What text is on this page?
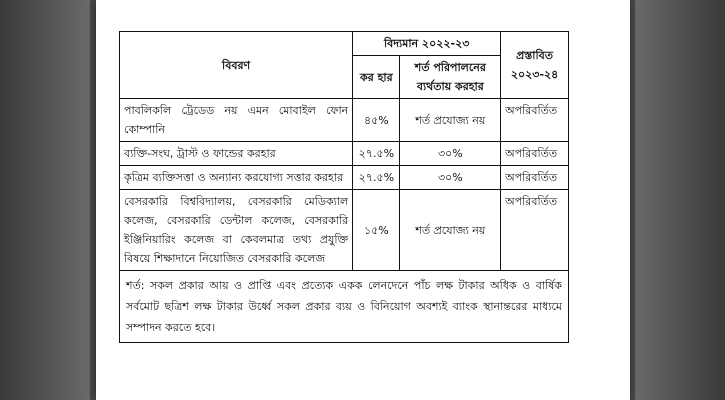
বিবরণ	বিদ্যমান ২০২২-২৩		প্রস্তাবিত ২০২৩-২৪
	কর হার	শর্ত পরিপালনের ব্যর্থতায় করহার	
পাবলিকলি ট্রেডেড নয় এমন মোবাইল ফোন কোম্পানি	৪৫%	শর্ত প্রযোজ্য নয়	অপরিবর্তিত
ব্যক্তি-সংঘ, ট্রাস্ট ও ফান্ডের করহার	২৭.৫%	৩০%	অপরিবর্তিত
কৃত্রিম ব্যক্তিসত্তা ও অন্যান্য করযোগ্য সত্তার করহার	২৭.৫%	৩০%	অপরিবর্তিত
বেসরকারি বিশ্ববিদ্যালয়, বেসরকারি মেডিক্যাল কলেজ, বেসরকারি ডেন্টাল কলেজ, বেসরকারি ইঞ্জিনিয়ারিং কলেজ বা কেবলমাত্র তথ্য প্রযুক্তি বিষয়ে শিক্ষাদানে নিয়োজিত বেসরকারি কলেজ	১৫%	শর্ত প্রযোজ্য নয়	অপরিবর্তিত
শর্ত: সকল প্রকার আয় ও প্রাপ্তি এবং প্রত্যেক একক লেনদেনে পাঁচ লক্ষ টাকার অধিক ও বার্ষিক সর্বমোট ছত্রিশ লক্ষ টাকার উর্ধ্বে সকল প্রকার ব্যয় ও বিনিয়োগ অবশ্যই ব্যাংক স্থানান্তরের মাধ্যমে সম্পাদন করতে হবে।			
